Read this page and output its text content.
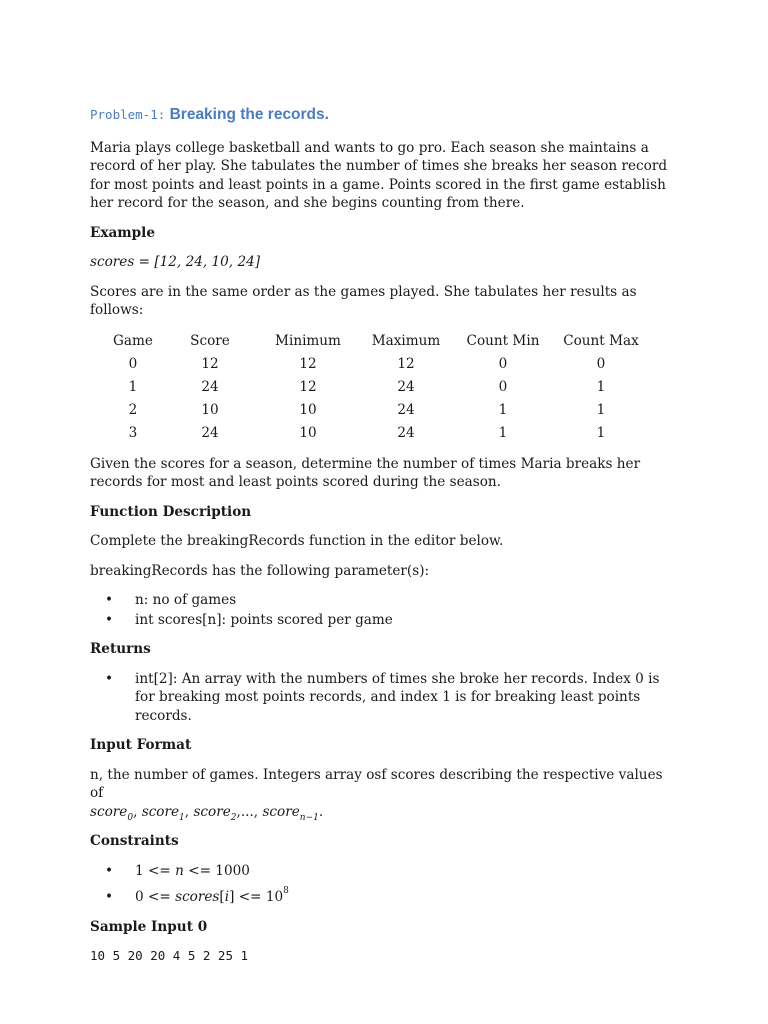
Problem-1: Breaking the records.

Maria plays college basketball and wants to go pro. Each season she maintains a record of her play. She tabulates the number of times she breaks her season record for most points and least points in a game. Points scored in the first game establish her record for the season, and she begins counting from there.

Example

scores = [12, 24, 10, 24]

Scores are in the same order as the games played. She tabulates her results as follows:

Game	Score	Minimum	Maximum	Count Min	Count Max
0	12	12	12	0	0
1	24	12	24	0	1
2	10	10	24	1	1
3	24	10	24	1	1

Given the scores for a season, determine the number of times Maria breaks her records for most and least points scored during the season.

Function Description

Complete the breakingRecords function in the editor below.

breakingRecords has the following parameter(s):

• n: no of games
• int scores[n]: points scored per game
Returns
• int[2]: An array with the numbers of times she broke her records. Index 0 is for breaking most points records, and index 1 is for breaking least points records.
Input Format

n, the number of games. Integers array osf scores describing the respective values of
score$_0$, score$_1$, score$_2$,..., score$_{n-1}$.

Constraints
• 1 <= n <= 1000
• 0 <= scores[i] <= $10^8$
Sample Input 0

10 5 20 20 4 5 2 25 1
